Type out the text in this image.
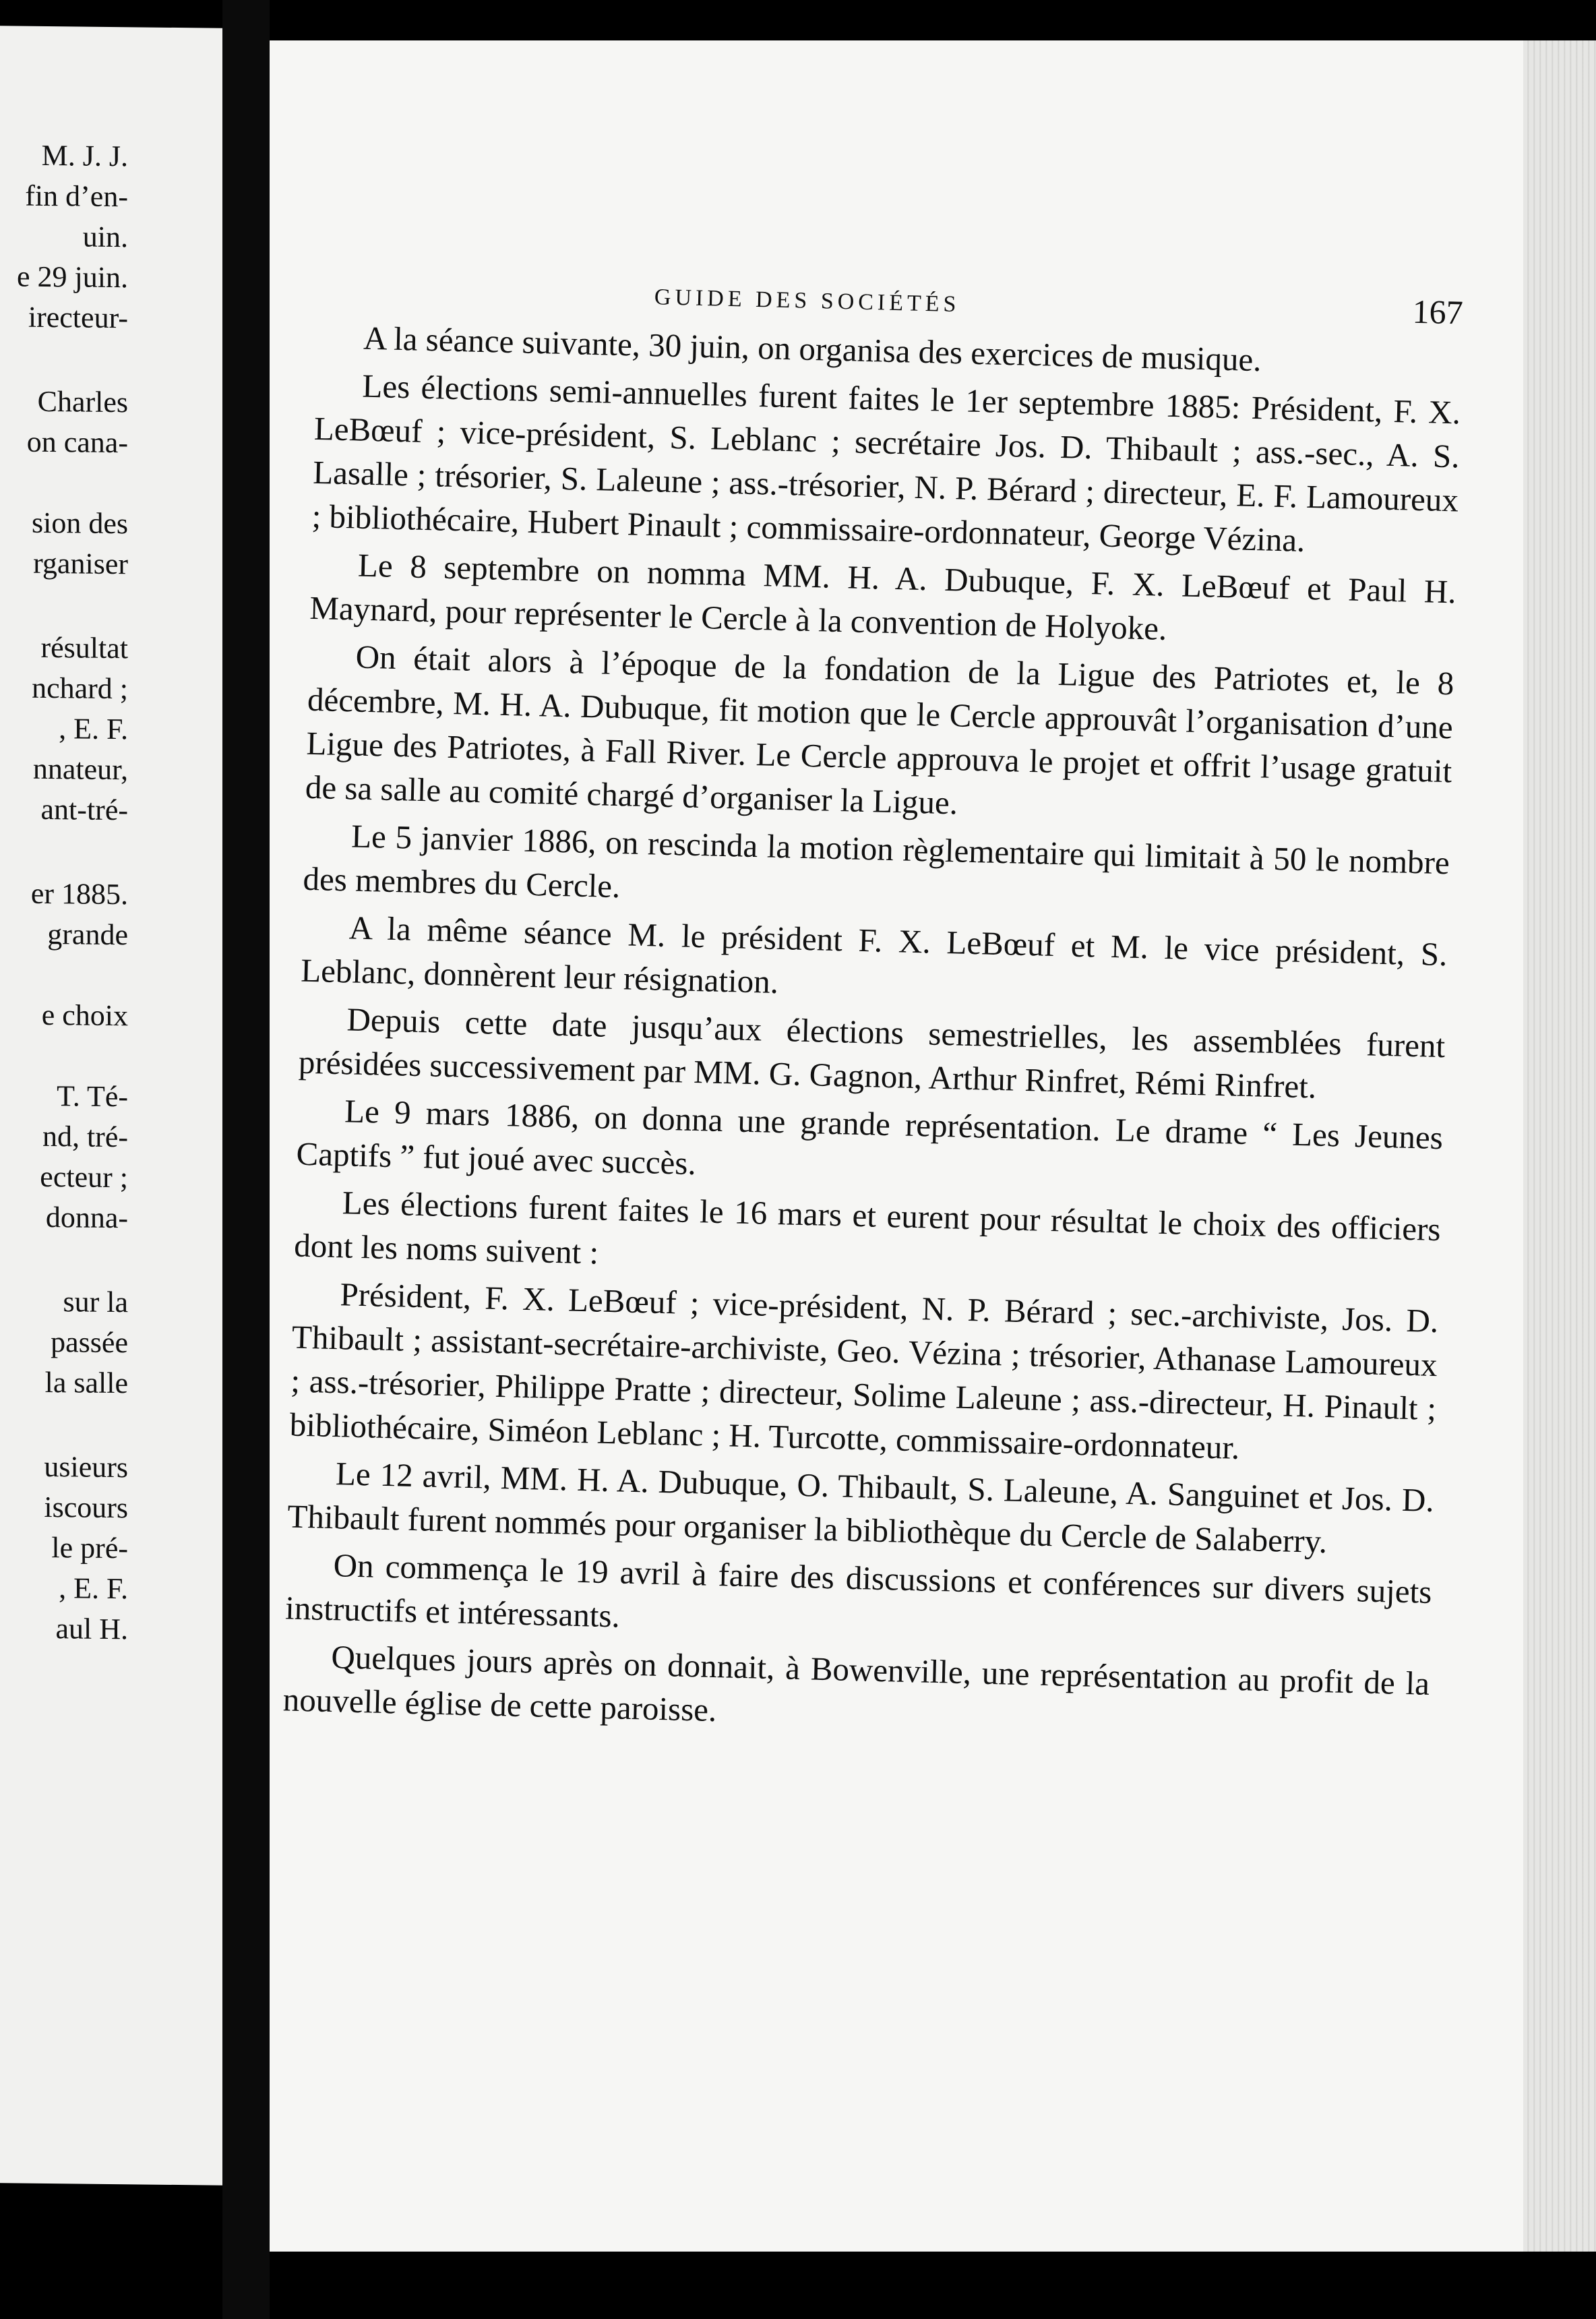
M. J. J.
fin d’en-
uin.
e 29 juin.
irecteur-
Charles
on cana-
sion des
rganiser
résultat
nchard ;
, E. F.
nnateur,
ant-tré-
er 1885.
grande
e choix
T. Té-
nd, tré-
ecteur ;
donna-
sur la
passée
la salle
usieurs
iscours
le pré-
, E. F.
aul H.
GUIDE DES SOCIÉTÉS	167

A la séance suivante, 30 juin, on organisa des exercices de musique.

Les élections semi-annuelles furent faites le 1er septembre 1885: Président, F. X. LeBœuf ; vice-président, S. Leblanc ; secrétaire Jos. D. Thibault ; ass.-sec., A. S. Lasalle ; trésorier, S. Laleune ; ass.-trésorier, N. P. Bérard ; directeur, E. F. Lamoureux ; bibliothécaire, Hubert Pinault ; commissaire-ordonnateur, George Vézina.

Le 8 septembre on nomma MM. H. A. Dubuque, F. X. LeBœuf et Paul H. Maynard, pour représenter le Cercle à la convention de Holyoke.

On était alors à l’époque de la fondation de la Ligue des Patriotes et, le 8 décembre, M. H. A. Dubuque, fit motion que le Cercle approuvât l’organisation d’une Ligue des Patriotes, à Fall River. Le Cercle approuva le projet et offrit l’usage gratuit de sa salle au comité chargé d’organiser la Ligue.

Le 5 janvier 1886, on rescinda la motion règlementaire qui limitait à 50 le nombre des membres du Cercle.

A la même séance M. le président F. X. LeBœuf et M. le vice président, S. Leblanc, donnèrent leur résignation.

Depuis cette date jusqu’aux élections semestrielles, les assemblées furent présidées successivement par MM. G. Gagnon, Arthur Rinfret, Rémi Rinfret.

Le 9 mars 1886, on donna une grande représentation. Le drame “ Les Jeunes Captifs ” fut joué avec succès.

Les élections furent faites le 16 mars et eurent pour résultat le choix des officiers dont les noms suivent :

Président, F. X. LeBœuf ; vice-président, N. P. Bérard ; sec.-archiviste, Jos. D. Thibault ; assistant-secrétaire-archiviste, Geo. Vézina ; trésorier, Athanase Lamoureux ; ass.-trésorier, Philippe Pratte ; directeur, Solime Laleune ; ass.-directeur, H. Pinault ; bibliothécaire, Siméon Leblanc ; H. Turcotte, commissaire-ordonnateur.

Le 12 avril, MM. H. A. Dubuque, O. Thibault, S. Laleune, A. Sanguinet et Jos. D. Thibault furent nommés pour organiser la bibliothèque du Cercle de Salaberry.

On commença le 19 avril à faire des discussions et conférences sur divers sujets instructifs et intéressants.

Quelques jours après on donnait, à Bowenville, une représentation au profit de la nouvelle église de cette paroisse.
